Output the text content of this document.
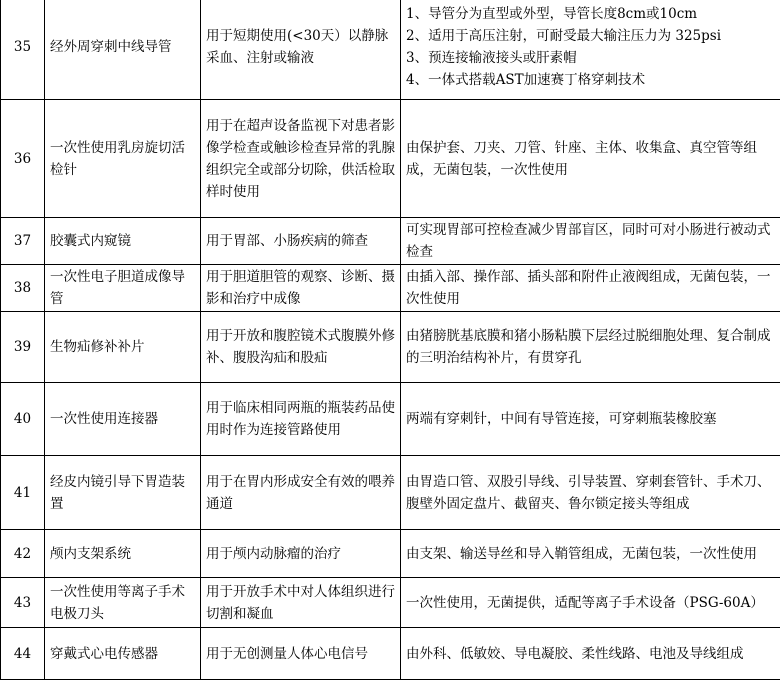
35	经外周穿刺中线导管	用于短期使用(<30天）以静脉采血、注射或输液	1、导管分为直型或外型，导管长度8cm或10cm
2、适用于高压注射，可耐受最大输注压力为 325psi
3、预连接输液接头或肝素帽
4、一体式搭载AST加速赛丁格穿刺技术

36	一次性使用乳房旋切活检针	用于在超声设备监视下对患者影像学检查或触诊检查异常的乳腺组织完全或部分切除，供活检取样时使用	由保护套、刀夹、刀管、针座、主体、收集盒、真空管等组成，无菌包装，一次性使用
37	胶囊式内窥镜	用于胃部、小肠疾病的筛查	可实现胃部可控检查减少胃部盲区，同时可对小肠进行被动式检查
38	一次性电子胆道成像导管	用于胆道胆管的观察、诊断、摄影和治疗中成像	由插入部、操作部、插头部和附件止液阀组成，无菌包装，一次性使用
39	生物疝修补补片	用于开放和腹腔镜术式腹膜外修补、腹股沟疝和股疝	由猪膀胱基底膜和猪小肠粘膜下层经过脱细胞处理、复合制成的三明治结构补片，有贯穿孔
40	一次性使用连接器	用于临床相同两瓶的瓶装药品使用时作为连接管路使用	两端有穿刺针，中间有导管连接，可穿刺瓶装橡胶塞
41	经皮内镜引导下胃造装置	用于在胃内形成安全有效的喂养通道	由胃造口管、双股引导线、引导装置、穿刺套管针、手术刀、腹壁外固定盘片、截留夹、鲁尔锁定接头等组成
42	颅内支架系统	用于颅内动脉瘤的治疗	由支架、输送导丝和导入鞘管组成，无菌包装，一次性使用
43	一次性使用等离子手术电极刀头	用于开放手术中对人体组织进行切割和凝血	一次性使用，无菌提供，适配等离子手术设备（PSG-60A）
44	穿戴式心电传感器	用于无创测量人体心电信号	由外科、低敏姣、导电凝胶、柔性线路、电池及导线组成
